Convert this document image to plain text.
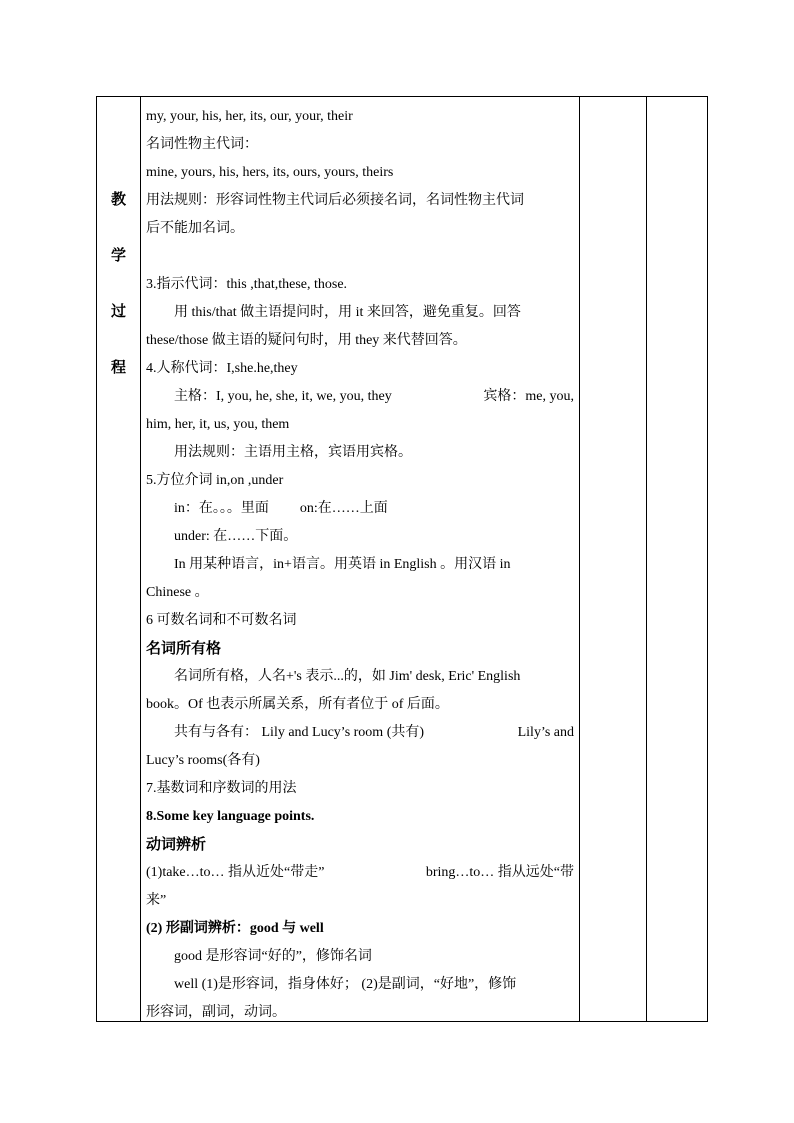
教
学
过
程
my, your, his, her, its, our, your, their
名词性物主代词：
mine, yours, his, hers, its, ours, yours, theirs
用法规则：形容词性物主代词后必须接名词，名词性物主代词
后不能加名词。
3.指示代词：this ,that,these, those.
用 this/that 做主语提问时，用 it 来回答，避免重复。回答
these/those 做主语的疑问句时，用 they 来代替回答。
4.人称代词：I,she.he,they
主格：I, you, he, she, it, we, you, they	宾格：me, you,
him, her, it, us, you, them
用法规则：主语用主格，宾语用宾格。
5.方位介词 in,on ,under
in：在。。。里面 on:在……上面
under: 在……下面。
In 用某种语言，in+语言。用英语 in English 。用汉语 in
Chinese 。
6 可数名词和不可数名词
名词所有格
名词所有格，人名+'s 表示...的，如 Jim' desk, Eric' English
book。Of 也表示所属关系，所有者位于 of 后面。
共有与各有： Lily and Lucy’s room (共有)	Lily’s and
Lucy’s rooms(各有)
7.基数词和序数词的用法
8.Some key language points.
动词辨析
(1)take…to… 指从近处“带走”	bring…to… 指从远处“带
来”
(2) 形副词辨析：good 与 well
good 是形容词“好的”，修饰名词
well (1)是形容词，指身体好； (2)是副词，“好地”，修饰
形容词，副词，动词。
